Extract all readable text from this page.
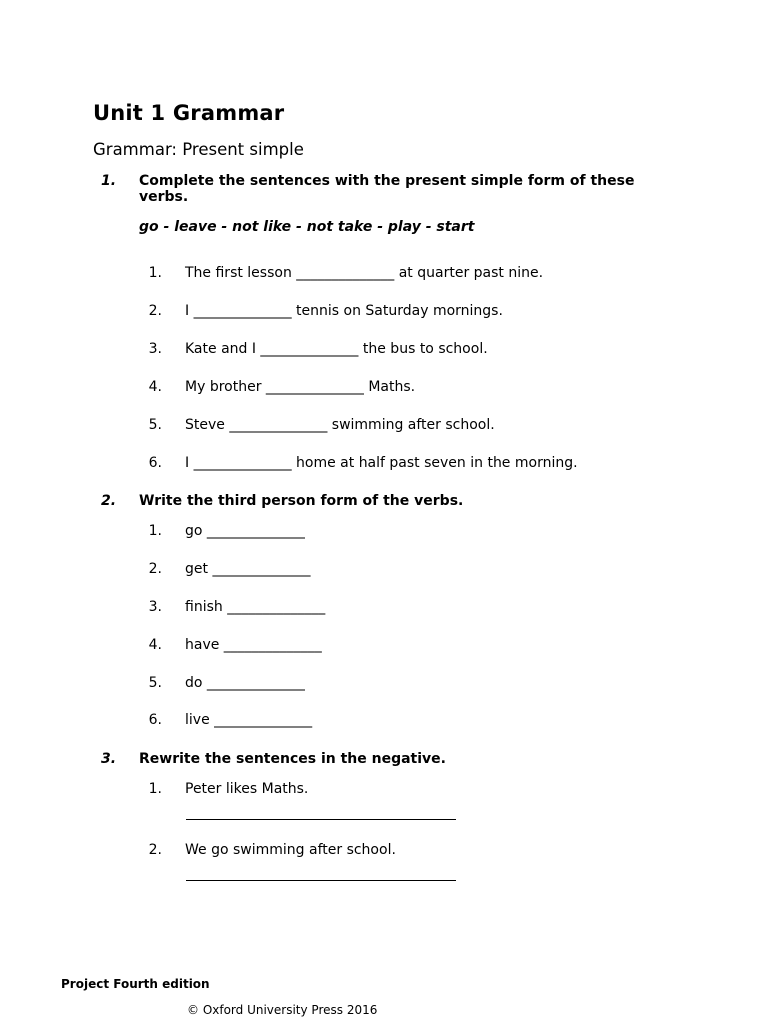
Unit 1 Grammar
Grammar: Present simple
1. Complete the sentences with the present simple form of these verbs.
go - leave - not like - not take - play - start
1. The first lesson ______________ at quarter past nine.
2. I ______________ tennis on Saturday mornings.
3. Kate and I ______________ the bus to school.
4. My brother ______________ Maths.
5. Steve ______________ swimming after school.
6. I ______________ home at half past seven in the morning.
2. Write the third person form of the verbs.
1. go ______________
2. get ______________
3. finish ______________
4. have ______________
5. do ______________
6. live ______________
3. Rewrite the sentences in the negative.
1. Peter likes Maths.
2. We go swimming after school.
Project Fourth edition
© Oxford University Press 2016
